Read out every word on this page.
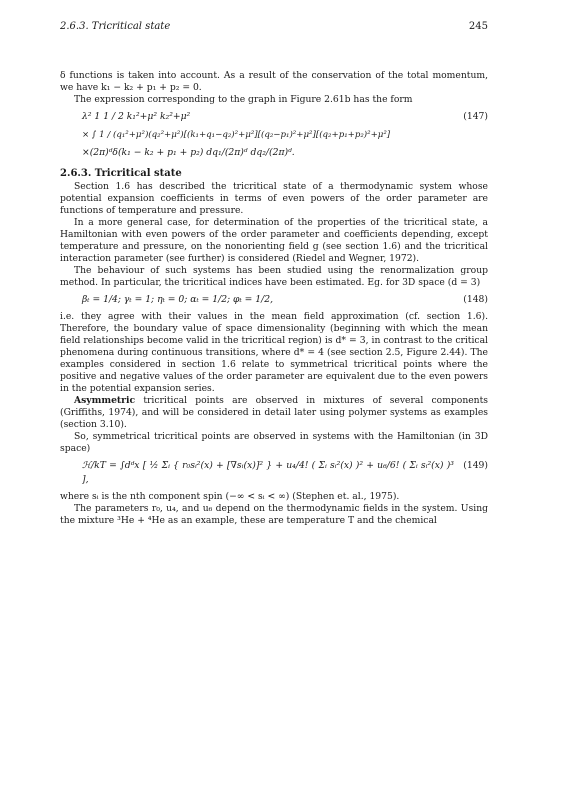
2.6.3. Tricritical state	245

δ functions is taken into account. As a result of the conservation of the total momentum, we have k₁ − k₂ + p₁ + p₂ = 0.

The expression corresponding to the graph in Figure 2.61b has the form

λ² 1 1 / 2 k₁²+μ² k₂²+μ²	(147)
× ∫ 1 / (q₁²+μ²)(q₂²+μ²)[(k₁+q₁−q₂)²+μ²][(q₂−p₁)²+μ²][(q₂+p₁+p₂)²+μ²]
×(2π)ᵈδ(k₁ − k₂ + p₁ + p₂) dq₁/(2π)ᵈ dq₂/(2π)ᵈ.
2.6.3. Tricritical state

Section 1.6 has described the tricritical state of a thermodynamic system whose potential expansion coefficients in terms of even powers of the order parameter are functions of temperature and pressure.

In a more general case, for determination of the properties of the tricritical state, a Hamiltonian with even powers of the order parameter and coefficients depending, except temperature and pressure, on the nonorienting field g (see section 1.6) and the tricritical interaction parameter (see further) is considered (Riedel and Wegner, 1972).

The behaviour of such systems has been studied using the renormalization group method. In particular, the tricritical indices have been estimated. Eg. for 3D space (d = 3)

βₜ = 1/4; γₜ = 1; ηₜ = 0; αₜ = 1/2; φₜ = 1/2,	(148)

i.e. they agree with their values in the mean field approximation (cf. section 1.6). Therefore, the boundary value of space dimensionality (beginning with which the mean field relationships become valid in the tricritical region) is d* = 3, in contrast to the critical phenomena during continuous transitions, where d* = 4 (see section 2.5, Figure 2.44). The examples considered in section 1.6 relate to symmetrical tricritical points where the positive and negative values of the order parameter are equivalent due to the even powers in the potential expansion series.

Asymmetric tricritical points are observed in mixtures of several components (Griffiths, 1974), and will be considered in detail later using polymer systems as examples (section 3.10).

So, symmetrical tricritical points are observed in systems with the Hamiltonian (in 3D space)

ℋ/kT = ∫dᵈx [ ½ Σᵢ { r₀sᵢ²(x) + [∇sᵢ(x)]² } + u₄/4! ( Σᵢ sᵢ²(x) )² + u₆/6! ( Σᵢ sᵢ²(x) )³ ],
(149)

where sᵢ is the nth component spin (−∞ < sᵢ < ∞) (Stephen et. al., 1975).

The parameters r₀, u₄, and u₆ depend on the thermodynamic fields in the system. Using the mixture ³He + ⁴He as an example, these are temperature T and the chemical
